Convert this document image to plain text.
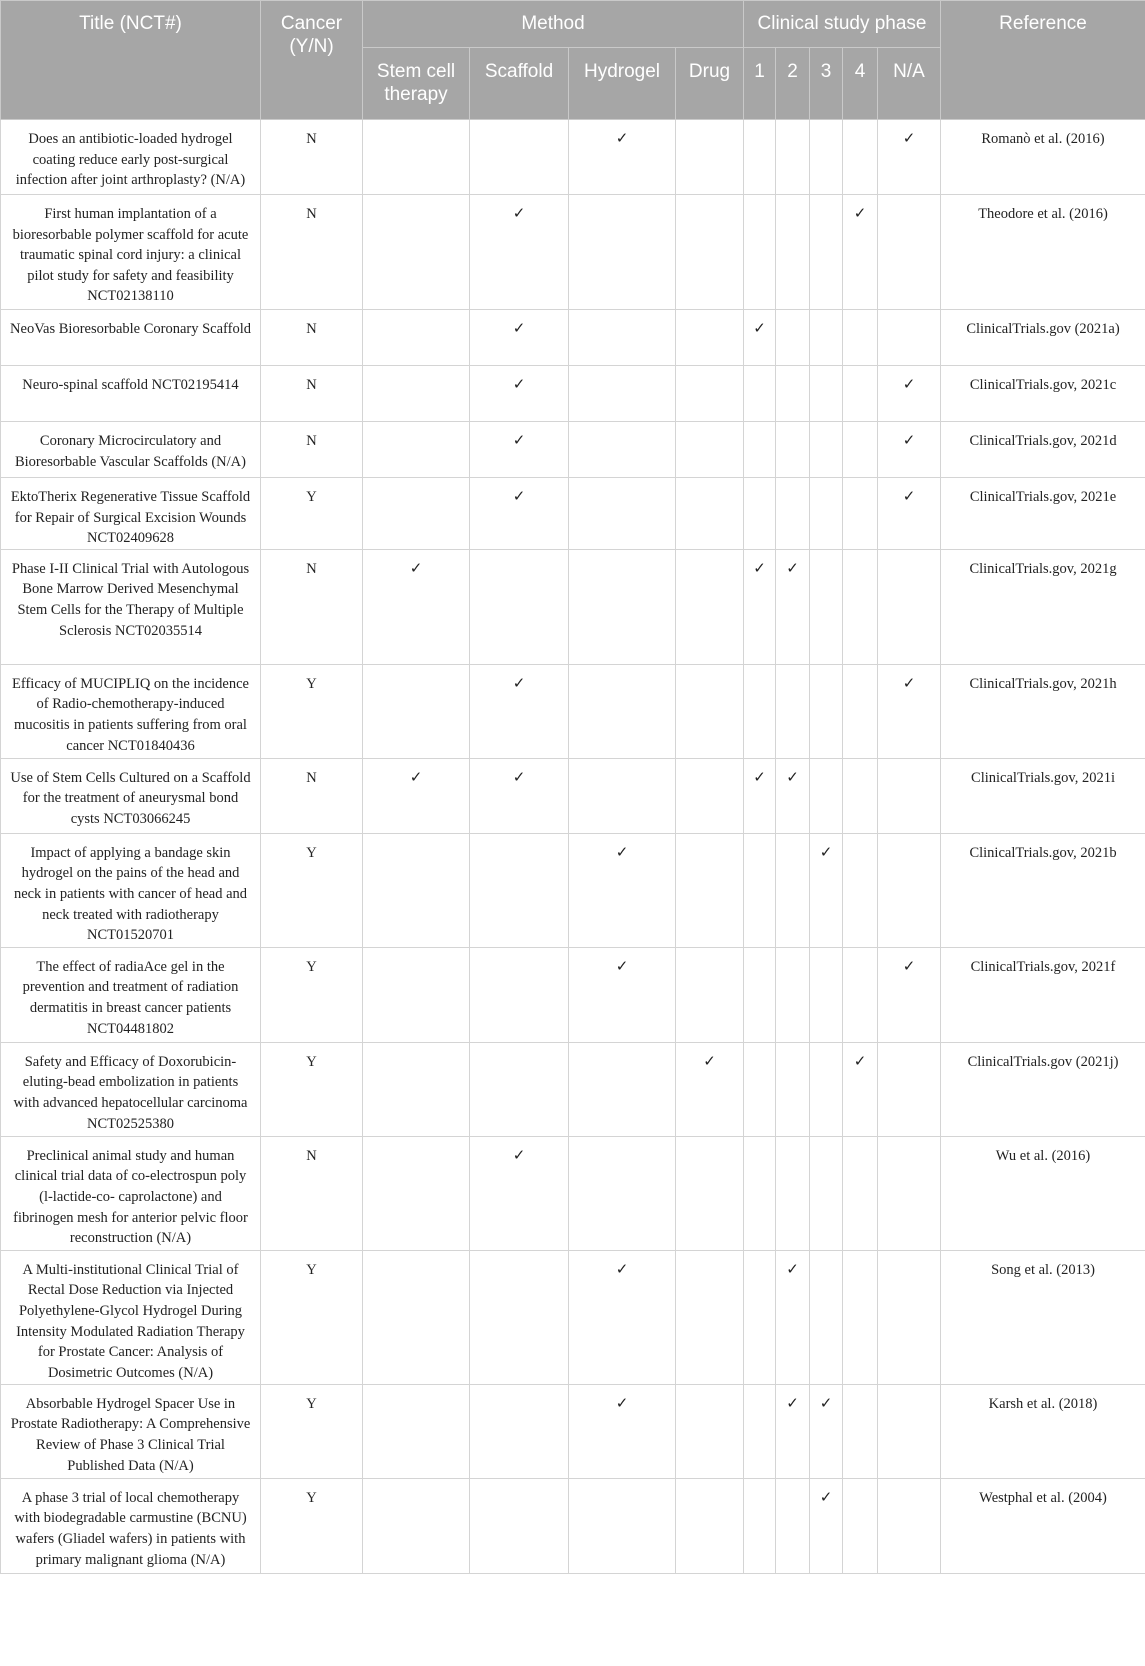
Title (NCT#)	Cancer (Y/N)	Method				Clinical study phase					Reference
		Stem cell therapy	Scaffold	Hydrogel	Drug	1	2	3	4	N/A	
Does an antibiotic-loaded hydrogel coating reduce early post-surgical infection after joint arthroplasty? (N/A)	N			✓						✓	Romanò et al. (2016)
First human implantation of a bioresorbable polymer scaffold for acute traumatic spinal cord injury: a clinical pilot study for safety and feasibility NCT02138110	N		✓						✓		Theodore et al. (2016)
NeoVas Bioresorbable Coronary Scaffold	N		✓			✓					ClinicalTrials.gov (2021a)
Neuro-spinal scaffold NCT02195414	N		✓							✓	ClinicalTrials.gov, 2021c
Coronary Microcirculatory and Bioresorbable Vascular Scaffolds (N/A)	N		✓							✓	ClinicalTrials.gov, 2021d
EktoTherix Regenerative Tissue Scaffold for Repair of Surgical Excision Wounds NCT02409628	Y		✓							✓	ClinicalTrials.gov, 2021e
Phase I-II Clinical Trial with Autologous Bone Marrow Derived Mesenchymal Stem Cells for the Therapy of Multiple Sclerosis NCT02035514	N	✓				✓	✓				ClinicalTrials.gov, 2021g
Efficacy of MUCIPLIQ on the incidence of Radio-chemotherapy-induced mucositis in patients suffering from oral cancer NCT01840436	Y		✓							✓	ClinicalTrials.gov, 2021h
Use of Stem Cells Cultured on a Scaffold for the treatment of aneurysmal bond cysts NCT03066245	N	✓	✓			✓	✓				ClinicalTrials.gov, 2021i
Impact of applying a bandage skin hydrogel on the pains of the head and neck in patients with cancer of head and neck treated with radiotherapy NCT01520701	Y			✓				✓			ClinicalTrials.gov, 2021b
The effect of radiaAce gel in the prevention and treatment of radiation dermatitis in breast cancer patients NCT04481802	Y			✓						✓	ClinicalTrials.gov, 2021f
Safety and Efficacy of Doxorubicin-eluting-bead embolization in patients with advanced hepatocellular carcinoma NCT02525380	Y				✓				✓		ClinicalTrials.gov (2021j)
Preclinical animal study and human clinical trial data of co-electrospun poly (l-lactide-co- caprolactone) and fibrinogen mesh for anterior pelvic floor reconstruction (N/A)	N		✓								Wu et al. (2016)
A Multi-institutional Clinical Trial of Rectal Dose Reduction via Injected Polyethylene-Glycol Hydrogel During Intensity Modulated Radiation Therapy for Prostate Cancer: Analysis of Dosimetric Outcomes (N/A)	Y			✓			✓				Song et al. (2013)
Absorbable Hydrogel Spacer Use in Prostate Radiotherapy: A Comprehensive Review of Phase 3 Clinical Trial Published Data (N/A)	Y			✓			✓	✓			Karsh et al. (2018)
A phase 3 trial of local chemotherapy with biodegradable carmustine (BCNU) wafers (Gliadel wafers) in patients with primary malignant glioma (N/A)	Y							✓			Westphal et al. (2004)
